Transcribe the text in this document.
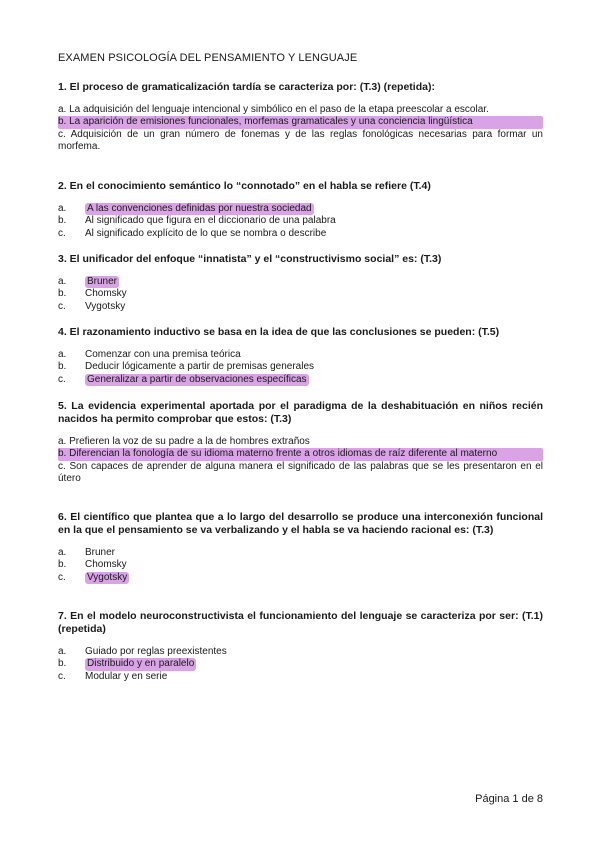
EXAMEN PSICOLOGÍA DEL PENSAMIENTO Y LENGUAJE
1. El proceso de gramaticalización tardía se caracteriza por: (T.3) (repetida):
a. La adquisición del lenguaje intencional y simbólico en el paso de la etapa preescolar a escolar.
b. La aparición de emisiones funcionales, morfemas gramaticales y una conciencia lingüística
c. Adquisición de un gran número de fonemas y de las reglas fonológicas necesarias para formar un morfema.
2. En el conocimiento semántico lo “connotado” en el habla se refiere (T.4)
a.	A las convenciones definidas por nuestra sociedad
b.	Al significado que figura en el diccionario de una palabra
c.	Al significado explícito de lo que se nombra o describe
3. El unificador del enfoque “innatista” y el “constructivismo social” es: (T.3)
a.	Bruner
b.	Chomsky
c.	Vygotsky
4. El razonamiento inductivo se basa en la idea de que las conclusiones se pueden: (T.5)
a.	Comenzar con una premisa teórica
b.	Deducir lógicamente a partir de premisas generales
c.	Generalizar a partir de observaciones específicas
5. La evidencia experimental aportada por el paradigma de la deshabituación en niños recién nacidos ha permito comprobar que estos: (T.3)
a. Prefieren la voz de su padre a la de hombres extraños
b. Diferencian la fonología de su idioma materno frente a otros idiomas de raíz diferente al materno
c. Son capaces de aprender de alguna manera el significado de las palabras que se les presentaron en el útero
6. El científico que plantea que a lo largo del desarrollo se produce una interconexión funcional en la que el pensamiento se va verbalizando y el habla se va haciendo racional es: (T.3)
a.	Bruner
b.	Chomsky
c.	Vygotsky
7. En el modelo neuroconstructivista el funcionamiento del lenguaje se caracteriza por ser: (T.1) (repetida)
a.	Guiado por reglas preexistentes
b.	Distribuido y en paralelo
c.	Modular y en serie
Página 1 de 8
